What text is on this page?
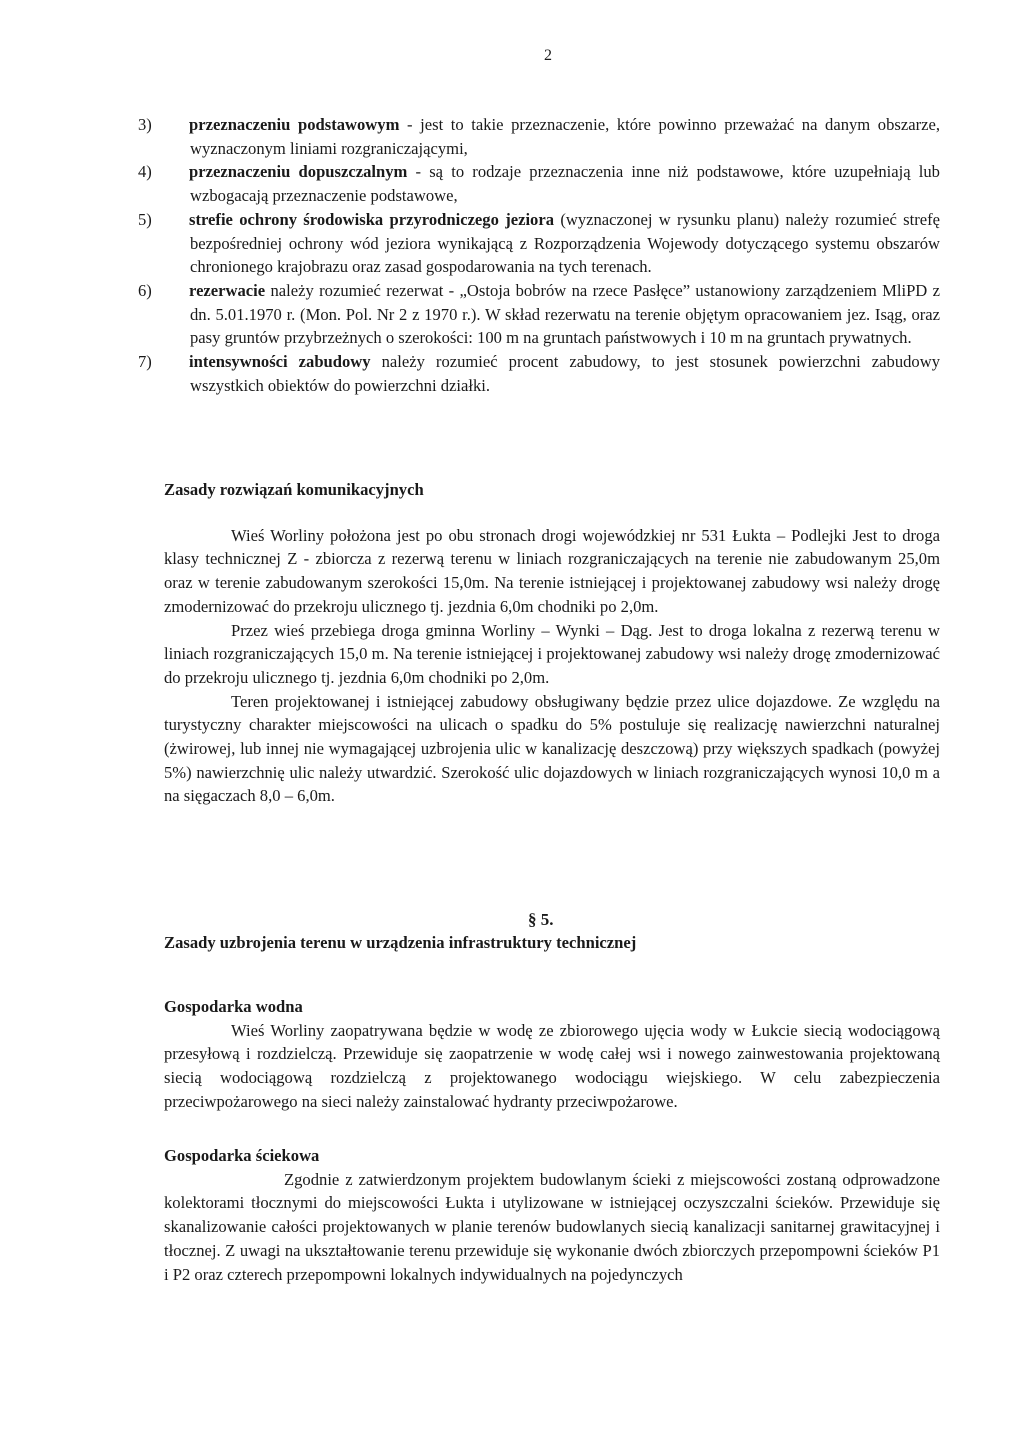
2
3) przeznaczeniu podstawowym - jest to takie przeznaczenie, które powinno przeważać na danym obszarze, wyznaczonym liniami rozgraniczającymi,
4) przeznaczeniu dopuszczalnym - są to rodzaje przeznaczenia inne niż podstawowe, które uzupełniają lub wzbogacają przeznaczenie podstawowe,
5) strefie ochrony środowiska przyrodniczego jeziora (wyznaczonej w rysunku planu) należy rozumieć strefę bezpośredniej ochrony wód jeziora wynikającą z Rozporządzenia Wojewody dotyczącego systemu obszarów chronionego krajobrazu oraz zasad gospodarowania na tych terenach.
6) rezerwacie należy rozumieć rezerwat - „Ostoja bobrów na rzece Pasłęce” ustanowiony zarządzeniem MliPD z dn. 5.01.1970 r. (Mon. Pol. Nr 2 z 1970 r.). W skład rezerwatu na terenie objętym opracowaniem jez. Isąg, oraz pasy gruntów przybrzeżnych o szerokości: 100 m na gruntach państwowych i 10 m na gruntach prywatnych.
7) intensywności zabudowy należy rozumieć procent zabudowy, to jest stosunek powierzchni zabudowy wszystkich obiektów do powierzchni działki.
Zasady rozwiązań komunikacyjnych

Wieś Worliny położona jest po obu stronach drogi wojewódzkiej nr 531 Łukta – Podlejki Jest to droga klasy technicznej Z - zbiorcza z rezerwą terenu w liniach rozgraniczających na terenie nie zabudowanym 25,0m oraz w terenie zabudowanym szerokości 15,0m. Na terenie istniejącej i projektowanej zabudowy wsi należy drogę zmodernizować do przekroju ulicznego tj. jezdnia 6,0m chodniki po 2,0m.

Przez wieś przebiega droga gminna Worliny – Wynki – Dąg. Jest to droga lokalna z rezerwą terenu w liniach rozgraniczających 15,0 m. Na terenie istniejącej i projektowanej zabudowy wsi należy drogę zmodernizować do przekroju ulicznego tj. jezdnia 6,0m chodniki po 2,0m.

Teren projektowanej i istniejącej zabudowy obsługiwany będzie przez ulice dojazdowe. Ze względu na turystyczny charakter miejscowości na ulicach o spadku do 5% postuluje się realizację nawierzchni naturalnej (żwirowej, lub innej nie wymagającej uzbrojenia ulic w kanalizację deszczową) przy większych spadkach (powyżej 5%) nawierzchnię ulic należy utwardzić. Szerokość ulic dojazdowych w liniach rozgraniczających wynosi 10,0 m a na sięgaczach 8,0 – 6,0m.

§ 5.
Zasady uzbrojenia terenu w urządzenia infrastruktury technicznej
Gospodarka wodna

Wieś Worliny zaopatrywana będzie w wodę ze zbiorowego ujęcia wody w Łukcie siecią wodociągową przesyłową i rozdzielczą. Przewiduje się zaopatrzenie w wodę całej wsi i nowego zainwestowania projektowaną siecią wodociągową rozdzielczą z projektowanego wodociągu wiejskiego. W celu zabezpieczenia przeciwpożarowego na sieci należy zainstalować hydranty przeciwpożarowe.

Gospodarka ściekowa

Zgodnie z zatwierdzonym projektem budowlanym ścieki z miejscowości zostaną odprowadzone kolektorami tłocznymi do miejscowości Łukta i utylizowane w istniejącej oczyszczalni ścieków. Przewiduje się skanalizowanie całości projektowanych w planie terenów budowlanych siecią kanalizacji sanitarnej grawitacyjnej i tłocznej. Z uwagi na ukształtowanie terenu przewiduje się wykonanie dwóch zbiorczych przepompowni ścieków P1 i P2 oraz czterech przepompowni lokalnych indywidualnych na pojedynczych
